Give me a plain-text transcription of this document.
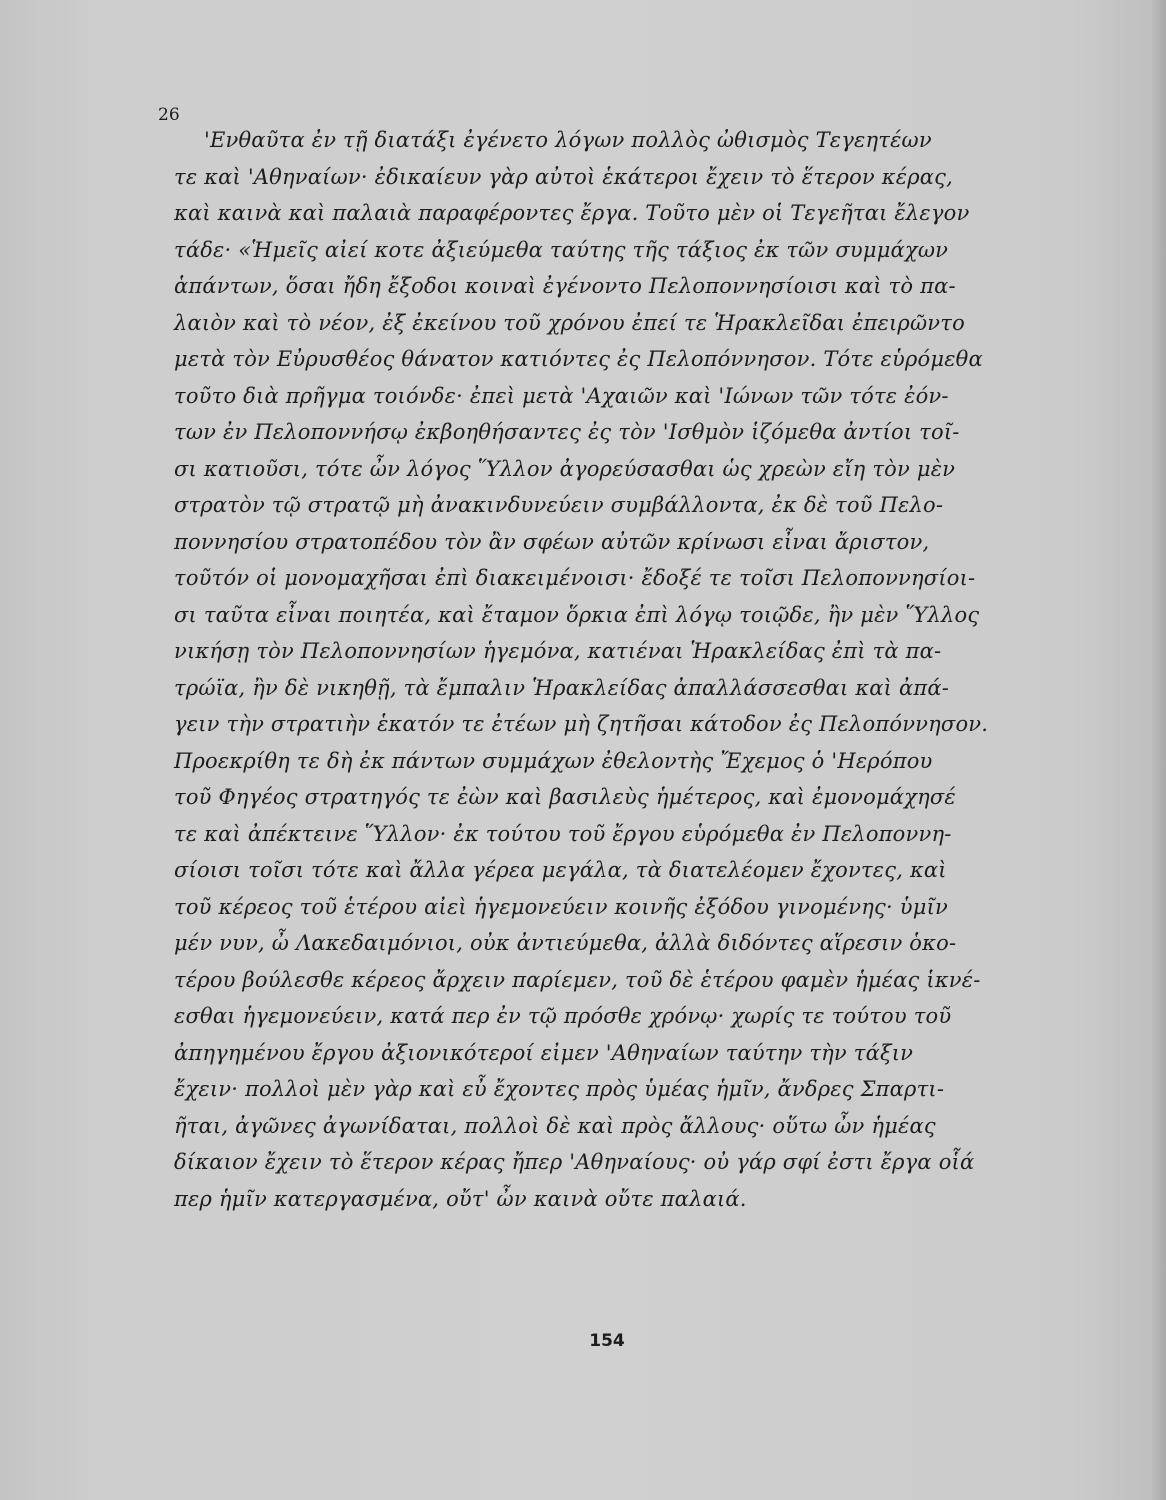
26
'Ενθαῦτα ἐν τῇ διατάξι ἐγένετο λόγων πολλὸς ὠθισμὸς Τεγεητέων
τε καὶ 'Αθηναίων· ἐδικαίευν γὰρ αὐτοὶ ἑκάτεροι ἔχειν τὸ ἕτερον κέρας,
καὶ καινὰ καὶ παλαιὰ παραφέροντες ἔργα. Τοῦτο μὲν οἱ Τεγεῆται ἔλεγον
τάδε· «Ἡμεῖς αἰεί κοτε ἀξιεύμεθα ταύτης τῆς τάξιος ἐκ τῶν συμμάχων
ἁπάντων, ὅσαι ἤδη ἔξοδοι κοιναὶ ἐγένοντο Πελοποννησίοισι καὶ τὸ πα-
λαιὸν καὶ τὸ νέον, ἐξ ἐκείνου τοῦ χρόνου ἐπεί τε Ἡρακλεῖδαι ἐπειρῶντο
μετὰ τὸν Εὐρυσθέος θάνατον κατιόντες ἐς Πελοπόννησον. Τότε εὑρόμεθα
τοῦτο διὰ πρῆγμα τοιόνδε· ἐπεὶ μετὰ 'Αχαιῶν καὶ 'Ιώνων τῶν τότε ἐόν-
των ἐν Πελοποννήσῳ ἐκβοηθήσαντες ἐς τὸν 'Ισθμὸν ἱζόμεθα ἀντίοι τοῖ-
σι κατιοῦσι, τότε ὦν λόγος Ὕλλον ἀγορεύσασθαι ὡς χρεὼν εἴη τὸν μὲν
στρατὸν τῷ στρατῷ μὴ ἀνακινδυνεύειν συμβάλλοντα, ἐκ δὲ τοῦ Πελο-
ποννησίου στρατοπέδου τὸν ἂν σφέων αὐτῶν κρίνωσι εἶναι ἄριστον,
τοῦτόν οἱ μονομαχῆσαι ἐπὶ διακειμένοισι· ἔδοξέ τε τοῖσι Πελοποννησίοι-
σι ταῦτα εἶναι ποιητέα, καὶ ἔταμον ὅρκια ἐπὶ λόγῳ τοιῷδε, ἢν μὲν Ὕλλος
νικήσῃ τὸν Πελοποννησίων ἡγεμόνα, κατιέναι Ἡρακλείδας ἐπὶ τὰ πα-
τρώϊα, ἢν δὲ νικηθῇ, τὰ ἔμπαλιν Ἡρακλείδας ἀπαλλάσσεσθαι καὶ ἀπά-
γειν τὴν στρατιὴν ἑκατόν τε ἐτέων μὴ ζητῆσαι κάτοδον ἐς Πελοπόννησον.
Προεκρίθη τε δὴ ἐκ πάντων συμμάχων ἐθελοντὴς Ἔχεμος ὁ 'Ηερόπου
τοῦ Φηγέος στρατηγός τε ἐὼν καὶ βασιλεὺς ἡμέτερος, καὶ ἐμονομάχησέ
τε καὶ ἀπέκτεινε Ὕλλον· ἐκ τούτου τοῦ ἔργου εὑρόμεθα ἐν Πελοποννη-
σίοισι τοῖσι τότε καὶ ἄλλα γέρεα μεγάλα, τὰ διατελέομεν ἔχοντες, καὶ
τοῦ κέρεος τοῦ ἑτέρου αἰεὶ ἡγεμονεύειν κοινῆς ἐξόδου γινομένης· ὑμῖν
μέν νυν, ὦ Λακεδαιμόνιοι, οὐκ ἀντιεύμεθα, ἀλλὰ διδόντες αἵρεσιν ὁκο-
τέρου βούλεσθε κέρεος ἄρχειν παρίεμεν, τοῦ δὲ ἑτέρου φαμὲν ἡμέας ἱκνέ-
εσθαι ἡγεμονεύειν, κατά περ ἐν τῷ πρόσθε χρόνῳ· χωρίς τε τούτου τοῦ
ἀπηγημένου ἔργου ἀξιονικότεροί εἰμεν 'Αθηναίων ταύτην τὴν τάξιν
ἔχειν· πολλοὶ μὲν γὰρ καὶ εὖ ἔχοντες πρὸς ὑμέας ἡμῖν, ἄνδρες Σπαρτι-
ῆται, ἀγῶνες ἀγωνίδαται, πολλοὶ δὲ καὶ πρὸς ἄλλους· οὕτω ὦν ἡμέας
δίκαιον ἔχειν τὸ ἕτερον κέρας ἤπερ 'Αθηναίους· οὐ γάρ σφί ἐστι ἔργα οἷά
περ ἡμῖν κατεργασμένα, οὔτ' ὦν καινὰ οὔτε παλαιά.
154
